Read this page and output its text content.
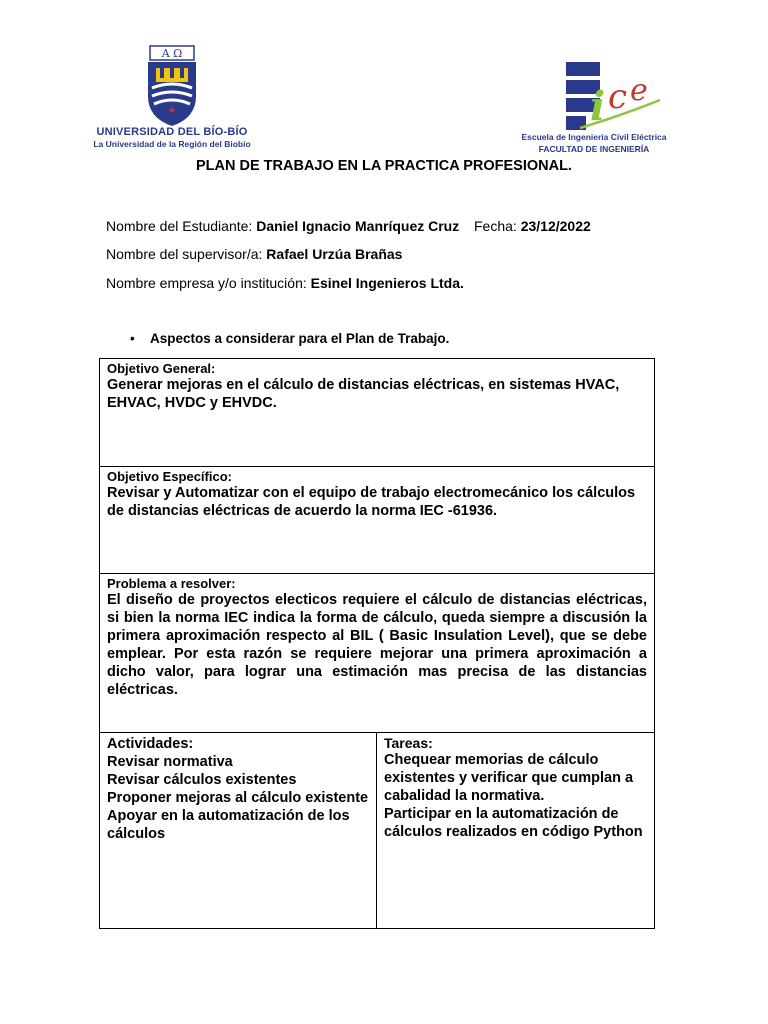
A Ω
UNIVERSIDAD DEL BÍO-BÍO
La Universidad de la Región del Biobío
i c e
Escuela de Ingeniería Civil Eléctrica
FACULTAD DE INGENIERÍA
PLAN DE TRABAJO EN LA PRACTICA PROFESIONAL.
Nombre del Estudiante: Daniel Ignacio Manríquez Cruz Fecha: 23/12/2022
Nombre del supervisor/a: Rafael Urzúa Brañas
Nombre empresa y/o institución: Esinel Ingenieros Ltda.
• Aspectos a considerar para el Plan de Trabajo.
Objetivo General:
Generar mejoras en el cálculo de distancias eléctricas, en sistemas HVAC, EHVAC, HVDC y EHVDC.

Objetivo Específico:
Revisar y Automatizar con el equipo de trabajo electromecánico los cálculos de distancias eléctricas de acuerdo la norma IEC -61936.

Problema a resolver:
El diseño de proyectos electicos requiere el cálculo de distancias eléctricas, si bien la norma IEC indica la forma de cálculo, queda siempre a discusión la primera aproximación respecto al BIL ( Basic Insulation Level), que se debe emplear. Por esta razón se requiere mejorar una primera aproximación a dicho valor, para lograr una estimación mas precisa de las distancias eléctricas.

Actividades:
Revisar normativa
Revisar cálculos existentes
Proponer mejoras al cálculo existente
Apoyar en la automatización de los cálculos

Tareas:
Chequear memorias de cálculo existentes y verificar que cumplan a cabalidad la normativa.
Participar en la automatización de cálculos realizados en código Python
